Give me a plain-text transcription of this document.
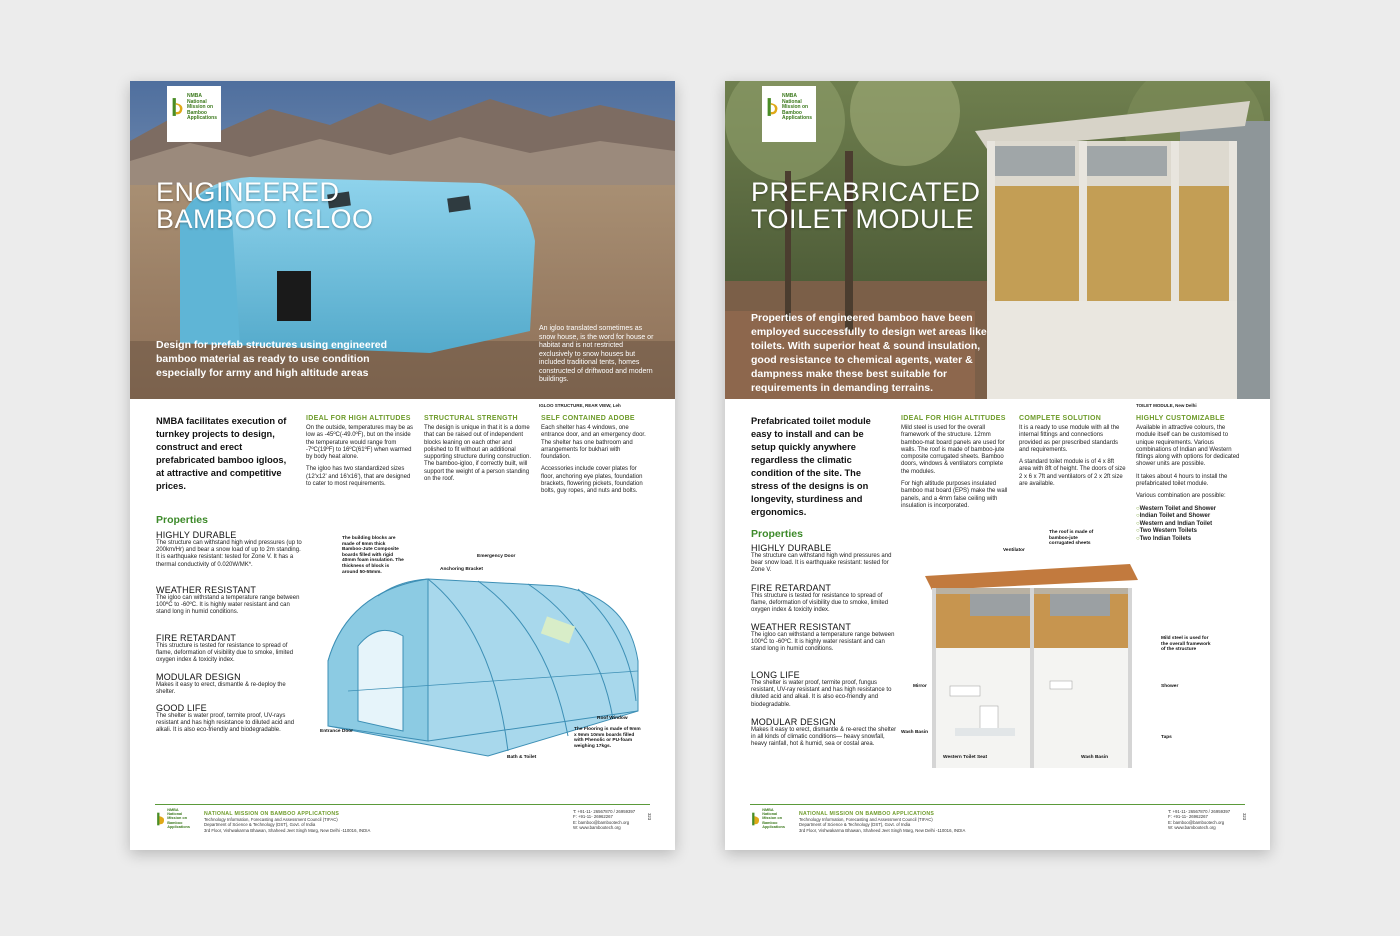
NMBA
National
Mission on
Bamboo
Applications
ENGINEERED
BAMBOO IGLOO
Design for prefab structures using engineered bamboo material as ready to use condition especially for army and high altitude areas
An igloo translated sometimes as snow house, is the word for house or habitat and is not restricted exclusively to snow houses but included traditional tents, homes constructed of driftwood and modern buildings.
IGLOO STRUCTURE, REAR VIEW, Leh
NMBA facilitates execution of turnkey projects to design, construct and erect prefabricated bamboo igloos, at attractive and competitive prices.
IDEAL FOR HIGH ALTITUDES

On the outside, temperatures may be as low as -45ºC(-49.0ºF), but on the inside the temperature would range from -7ºC(19ºF) to 16ºC(61ºF) when warmed by body heat alone.

The igloo has two standardized sizes (12'x12' and 16'x16'), that are designed to cater to most requirements.

STRUCTURAL STRENGTH

The design is unique in that it is a dome that can be raised out of independent blocks leaning on each other and polished to fit without an additional supporting structure during construction. The bamboo-igloo, if correctly built, will support the weight of a person standing on the roof.

SELF CONTAINED ADOBE

Each shelter has 4 windows, one entrance door, and an emergency door. The shelter has one bathroom and arrangements for bukhari with foundation.

Accessories include cover plates for floor, anchoring eye plates, foundation brackets, flowering pickets, foundation bolts, guy ropes, and nuts and bolts.

Properties
HIGHLY DURABLE
The structure can withstand high wind pressures (up to 200km/Hr) and bear a snow load of up to 2m standing. It is earthquake resistant: tested for Zone V. It has a thermal conductivity of 0.020W/MK*.
WEATHER RESISTANT
The igloo can withstand a temperature range between 100ºC to -60ºC. It is highly water resistant and can stand long in humid conditions.
FIRE RETARDANT
This structure is tested for resistance to spread of flame, deformation of visibility due to smoke, limited oxygen index & toxicity index.
MODULAR DESIGN
Makes it easy to erect, dismantle & re-deploy the shelter.
GOOD LIFE
The shelter is water proof, termite proof, UV-rays resistant and has high resistance to diluted acid and alkali. It is also eco-friendly and biodegradable.
The building blocks are made of 6mm thick Bamboo-Jute Composite boards filled with rigid 40mm foam insulation. The thickness of block is around 50-55mm.
Emergency Door
Anchoring Bracket
Entrance Door
Roof Window
The Flooring is made of 9mm x 9mm 10mm boards filled with Phenolic or PU-foam weighing 17kgs.
Bath & Toilet
NMBA
National
Mission on
Bamboo
Applications
NATIONAL MISSION ON BAMBOO APPLICATIONS
Technology Information, Forecasting and Assessment Council (TIFAC)
Department of Science & Technology (DST), Govt. of India
3rd Floor, Vishwakarma Bhawan, Shaheed Jeet Singh Marg, New Delhi -110016, INDIA
T: +91-11- 26567870 / 26959397
F: +91-11- 26962267
E: bamboo@bambootech.org
W: www.bambootech.org
323
NMBA
National
Mission on
Bamboo
Applications
PREFABRICATED
TOILET MODULE
Properties of engineered bamboo have been employed successfully to design wet areas like toilets. With superior heat & sound insulation, good resistance to chemical agents, water & dampness make these best suitable for requirements in demanding terrains.
TOILET MODULE, New Delhi
Prefabricated toilet module easy to install and can be setup quickly anywhere regardless the climatic condition of the site. The stress of the designs is on longevity, sturdiness and ergonomics.
IDEAL FOR HIGH ALTITUDES

Mild steel is used for the overall framework of the structure. 12mm bamboo-mat board panels are used for walls. The roof is made of bamboo-jute composite corrugated sheets. Bamboo doors, windows & ventilators complete the modules.

For high altitude purposes insulated bamboo mat board (EPS) make the wall panels, and a 4mm false ceiling with insulation is incorporated.

COMPLETE SOLUTION

It is a ready to use module with all the internal fittings and connections provided as per prescribed standards and requirements.

A standard toilet module is of 4 x 8ft area with 8ft of height. The doors of size 2 x 6 x 7ft and ventilators of 2 x 2ft size are available.

HIGHLY CUSTOMIZABLE

Available in attractive colours, the module itself can be customised to unique requirements. Various combinations of Indian and Western fittings along with options for dedicated shower units are possible.

It takes about 4 hours to install the prefabricated toilet module.

Various combination are possible:

○ Western Toilet and Shower
○ Indian Toilet and Shower
○ Western and Indian Toilet
○ Two Western Toilets
○ Two Indian Toilets
Properties
HIGHLY DURABLE
The structure can withstand high wind pressures and bear snow load. It is earthquake resistant: tested for Zone V.
FIRE RETARDANT
This structure is tested for resistance to spread of flame, deformation of visibility due to smoke, limited oxygen index & toxicity index.
WEATHER RESISTANT
The igloo can withstand a temperature range between 100ºC to -60ºC. It is highly water resistant and can stand long in humid conditions.
LONG LIFE
The shelter is water proof, termite proof, fungus resistant, UV-ray resistant and has high resistance to diluted acid and alkali. It is also eco-friendly and biodegradable.
MODULAR DESIGN
Makes it easy to erect, dismantle & re-erect the shelter in all kinds of climatic conditions— heavy snowfall, heavy rainfall, hot & humid, sea or costal area.
Ventilator
The roof is made of bamboo-jute corrugated sheets
Mild steel is used for the overall framework of the structure
Mirror	Shower
Wash Basin
Taps
Western Toilet Seat	Wash Basin
NMBA
National
Mission on
Bamboo
Applications
NATIONAL MISSION ON BAMBOO APPLICATIONS
Technology Information, Forecasting and Assessment Council (TIFAC)
Department of Science & Technology (DST), Govt. of India
3rd Floor, Vishwakarma Bhawan, Shaheed Jeet Singh Marg, New Delhi -110016, INDIA
T: +91-11- 26567870 / 26959397
F: +91-11- 26962267
E: bamboo@bambootech.org
W: www.bambootech.org
323
